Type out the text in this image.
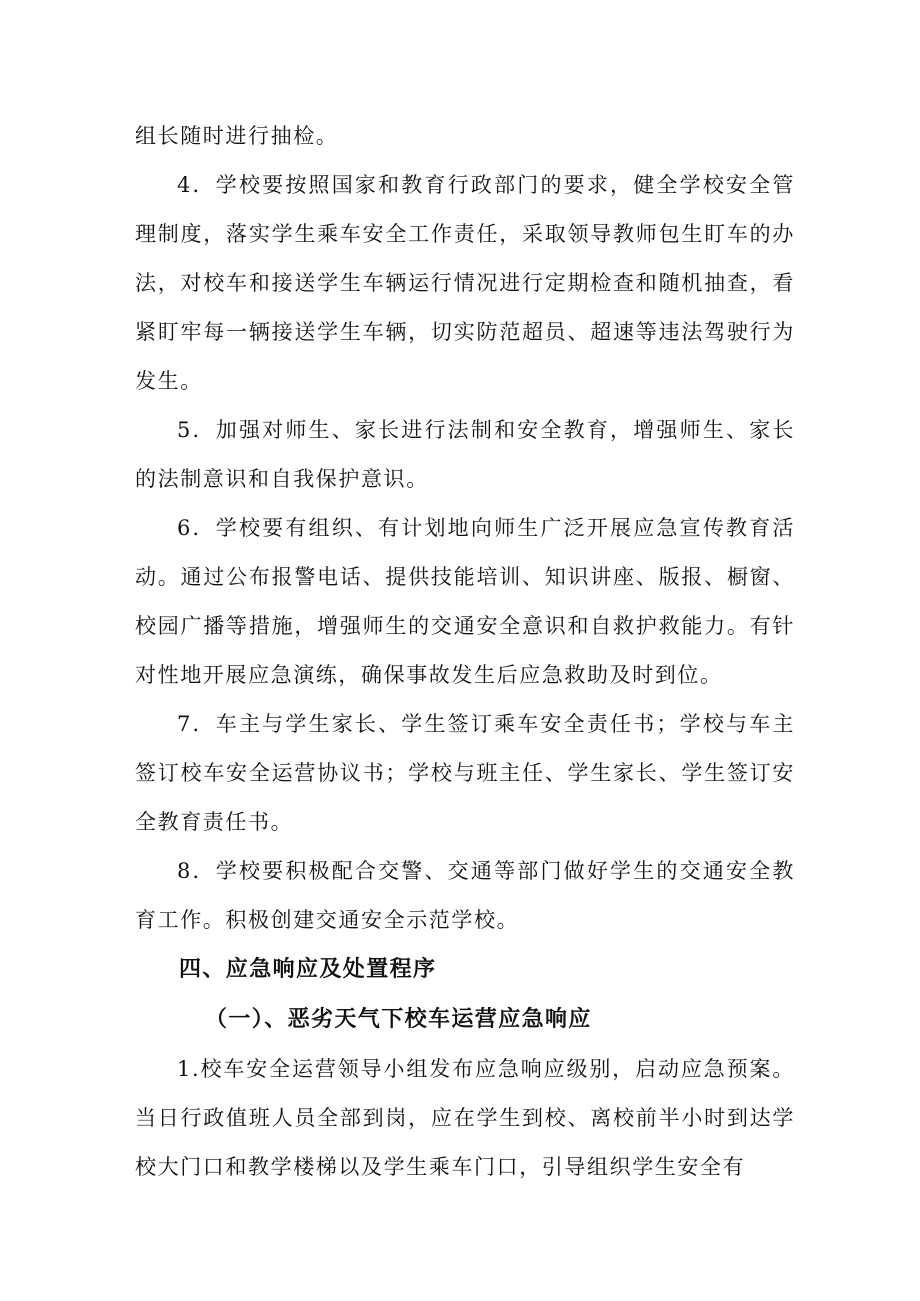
组长随时进行抽检。

4．学校要按照国家和教育行政部门的要求，健全学校安全管理制度，落实学生乘车安全工作责任，采取领导教师包生盯车的办法，对校车和接送学生车辆运行情况进行定期检查和随机抽查，看紧盯牢每一辆接送学生车辆，切实防范超员、超速等违法驾驶行为发生。

5．加强对师生、家长进行法制和安全教育，增强师生、家长的法制意识和自我保护意识。

6．学校要有组织、有计划地向师生广泛开展应急宣传教育活动。通过公布报警电话、提供技能培训、知识讲座、版报、橱窗、校园广播等措施，增强师生的交通安全意识和自救护救能力。有针对性地开展应急演练，确保事故发生后应急救助及时到位。

7．车主与学生家长、学生签订乘车安全责任书；学校与车主签订校车安全运营协议书；学校与班主任、学生家长、学生签订安全教育责任书。

8．学校要积极配合交警、交通等部门做好学生的交通安全教育工作。积极创建交通安全示范学校。

四、应急响应及处置程序
（一）、恶劣天气下校车运营应急响应

1.校车安全运营领导小组发布应急响应级别，启动应急预案。当日行政值班人员全部到岗，应在学生到校、离校前半小时到达学校大门口和教学楼梯以及学生乘车门口，引导组织学生安全有
